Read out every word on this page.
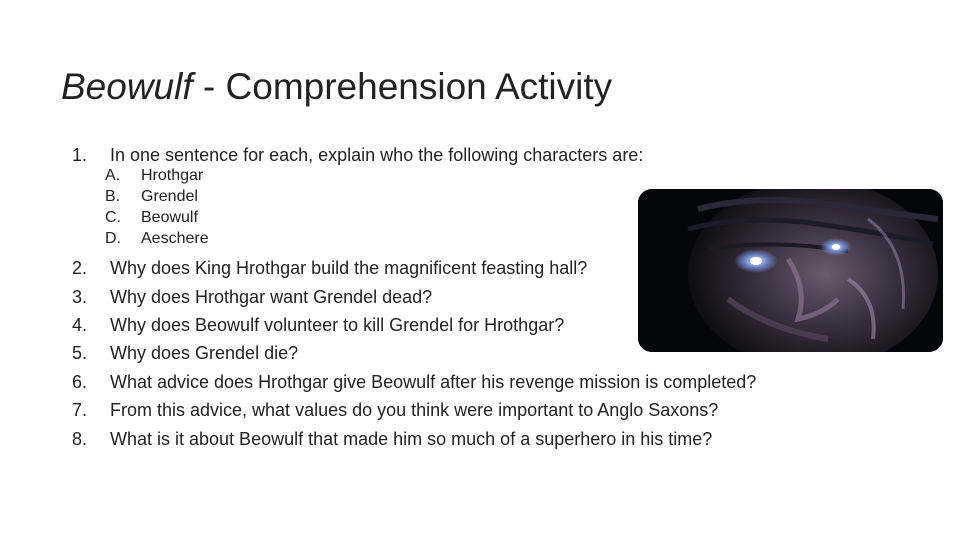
Beowulf - Comprehension Activity
1. In one sentence for each, explain who the following characters are:
A. Hrothgar
B. Grendel
C. Beowulf
D. Aeschere
2. Why does King Hrothgar build the magnificent feasting hall?
3. Why does Hrothgar want Grendel dead?
4. Why does Beowulf volunteer to kill Grendel for Hrothgar?
5. Why does Grendel die?
6. What advice does Hrothgar give Beowulf after his revenge mission is completed?
7. From this advice, what values do you think were important to Anglo Saxons?
8. What is it about Beowulf that made him so much of a superhero in his time?
